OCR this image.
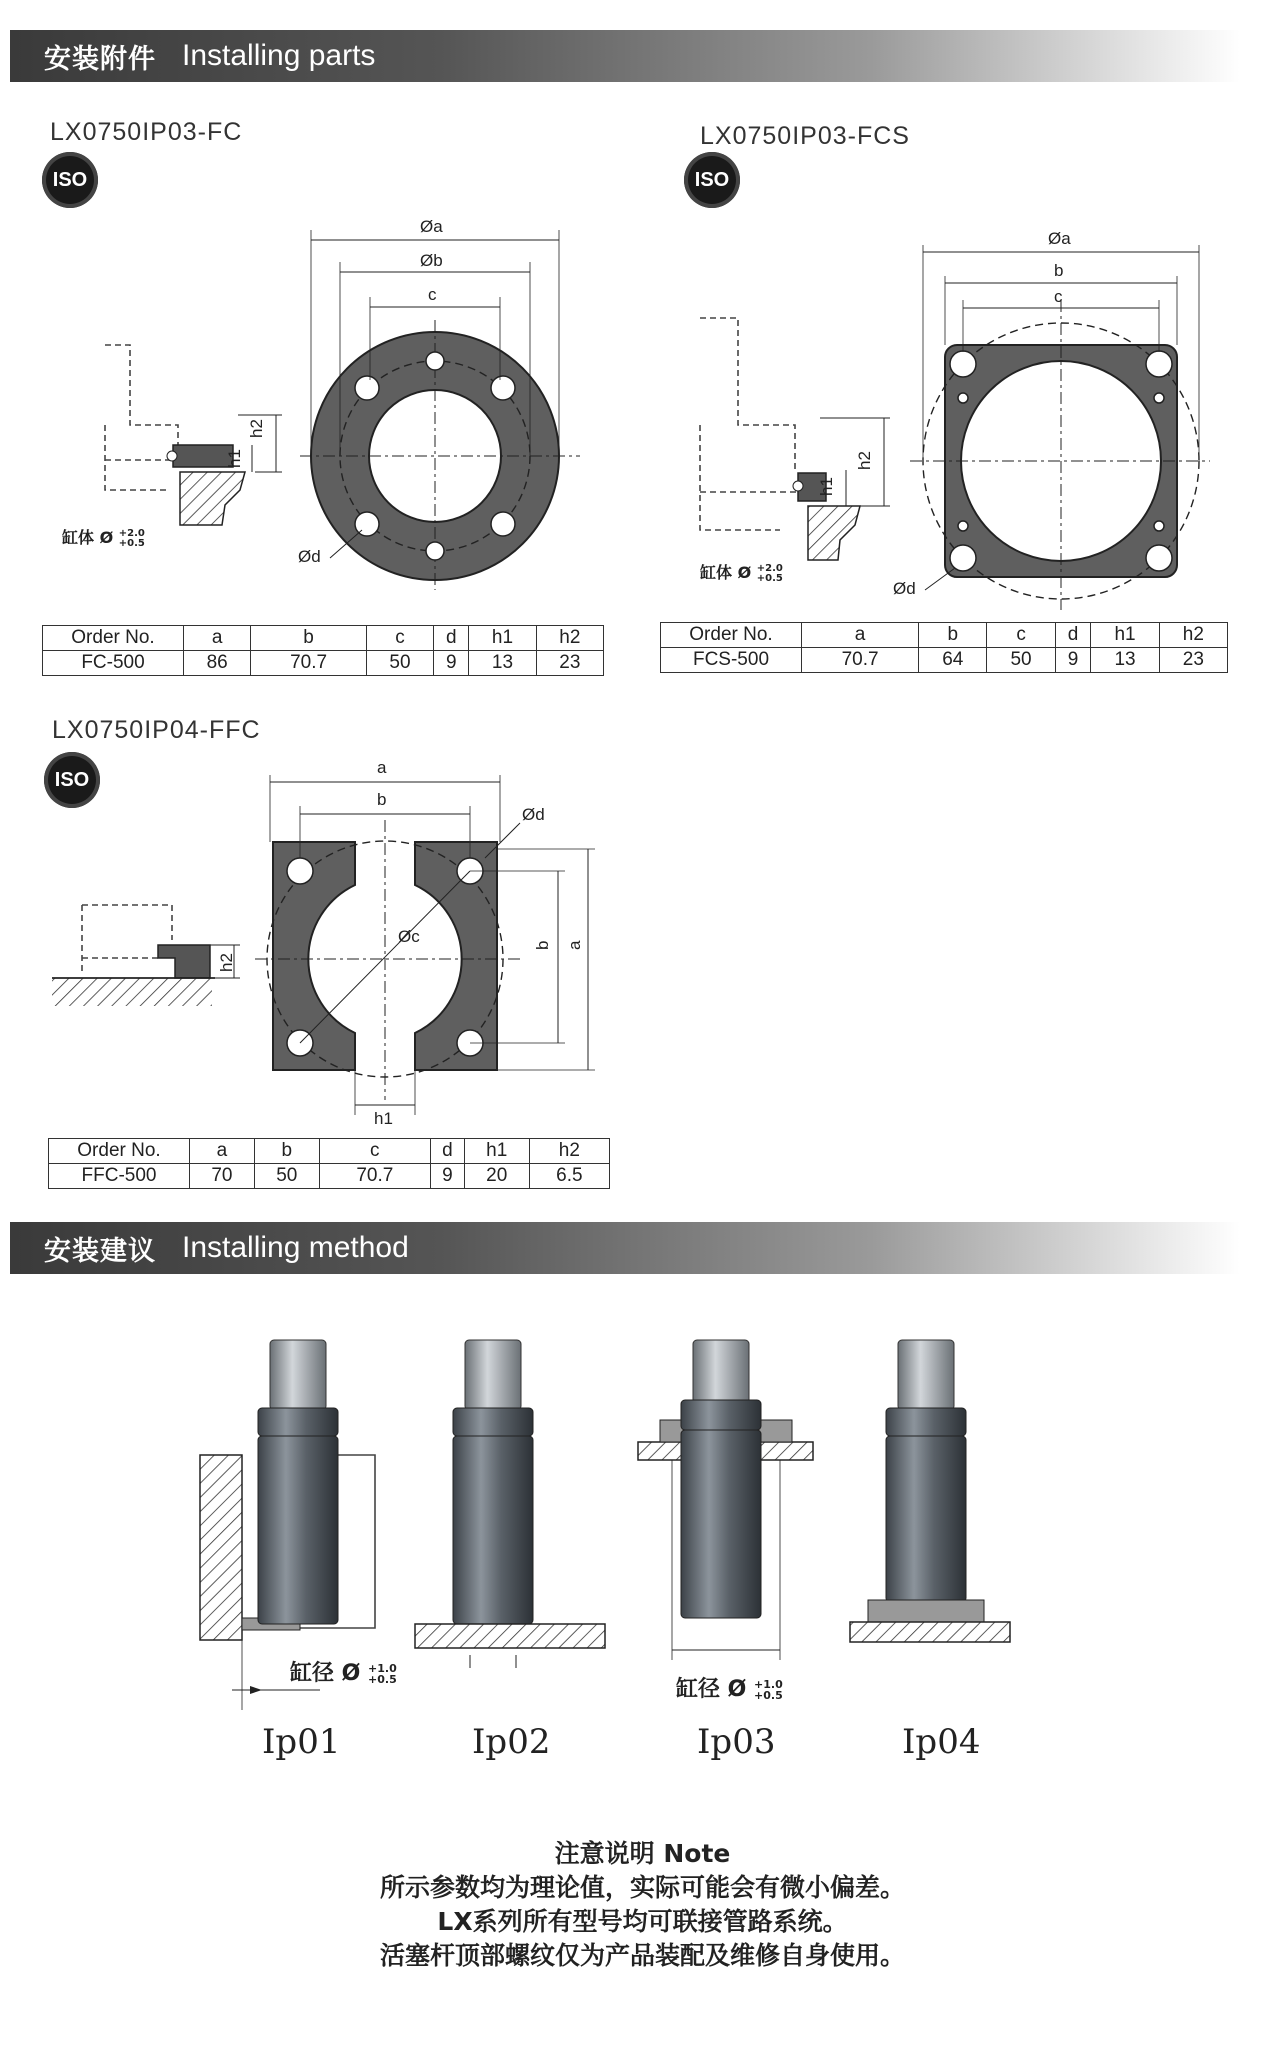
安装附件 Installing parts
LX0750IP03-FC
ISO
LX0750IP03-FCS
ISO
LX0750IP04-FFC
ISO
h2
h1
Øa
Øb
c
Ød
h2
h1
Øa
b
c
Ød
h2
a
b
Øc
Ød
b a
h1
缸体 Ø +2.0
+0.5
缸体 Ø +2.0
+0.5
Order No.	a	b	c	d	h1	h2
FC-500	86	70.7	50	9	13	23
Order No.	a	b	c	d	h1	h2
FCS-500	70.7	64	50	9	13	23
Order No.	a	b	c	d	h1	h2
FFC-500	70	50	70.7	9	20	6.5
安装建议 Installing method
缸径 Ø +1.0
+0.5	缸径 Ø +1.0
+0.5
Ip01	Ip02	Ip03	Ip04
注意说明 Note
所示参数均为理论值，实际可能会有微小偏差。
LX系列所有型号均可联接管路系统。
活塞杆顶部螺纹仅为产品装配及维修自身使用。
